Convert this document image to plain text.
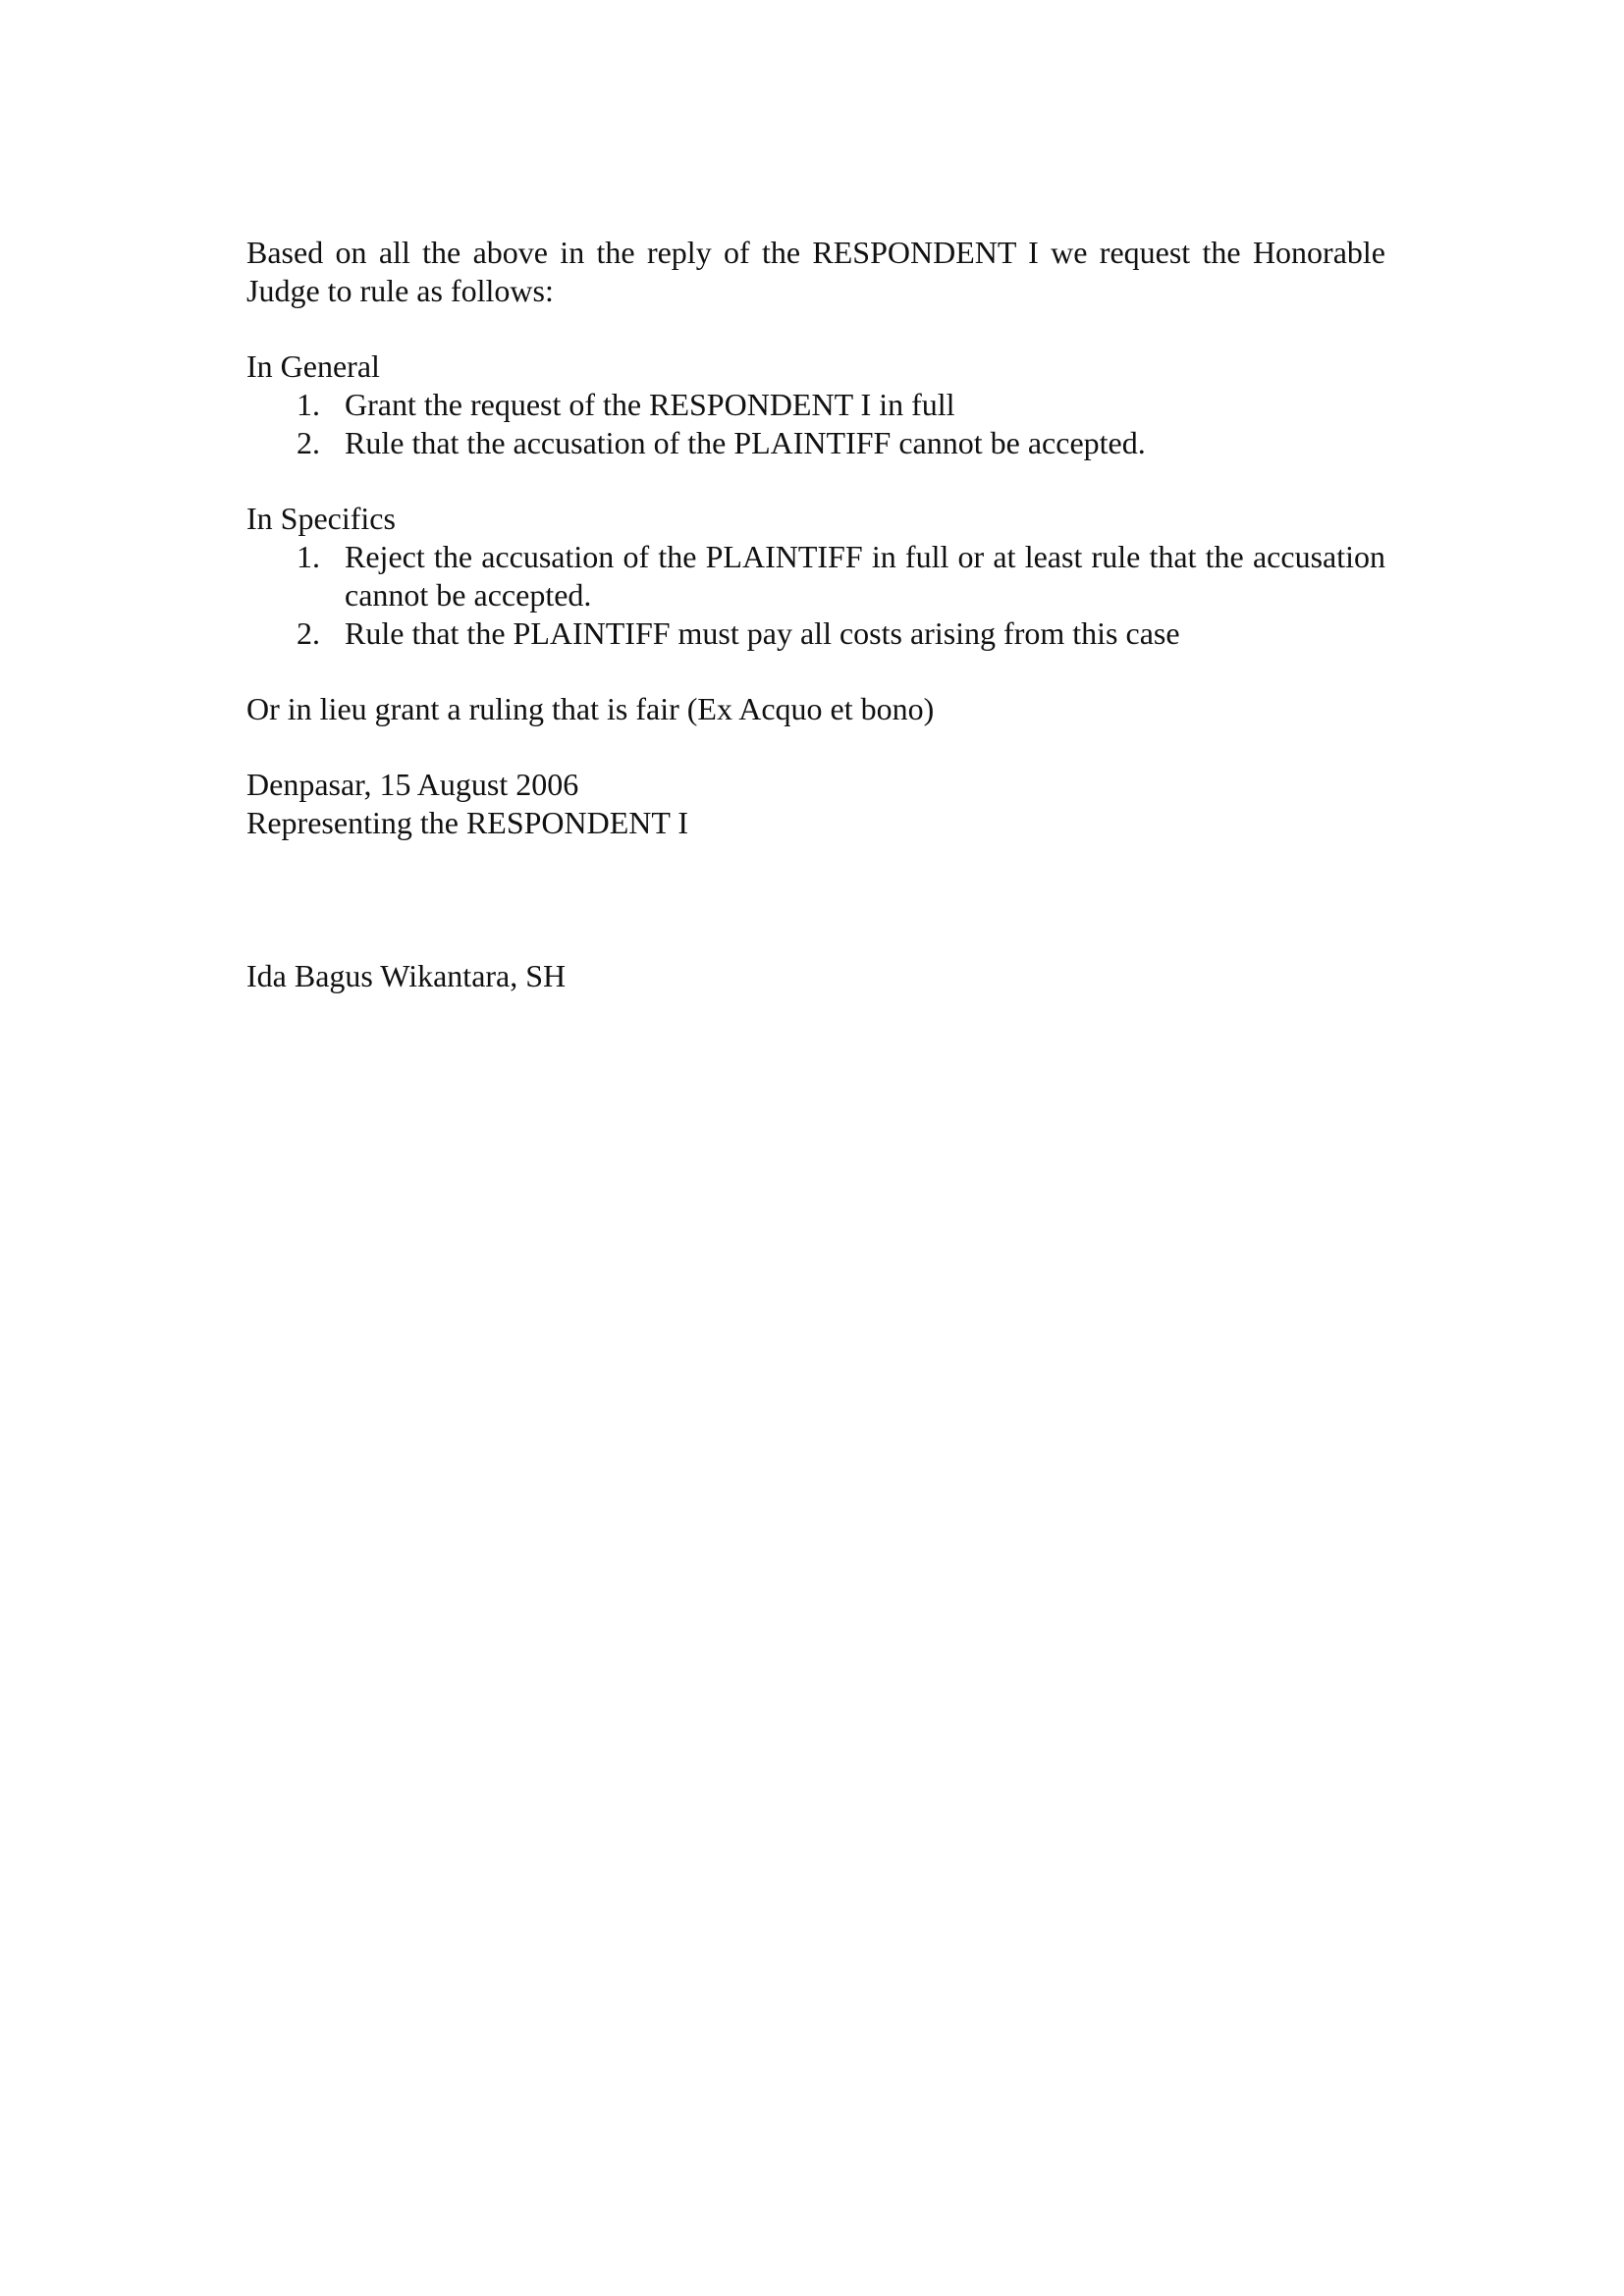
Based on all the above in the reply of the RESPONDENT I we request the Honorable Judge to rule as follows:

In General

1. Grant the request of the RESPONDENT I in full
2. Rule that the accusation of the PLAINTIFF cannot be accepted.

In Specifics

1. Reject the accusation of the PLAINTIFF in full or at least rule that the accusation cannot be accepted.
2. Rule that the PLAINTIFF must pay all costs arising from this case

Or in lieu grant a ruling that is fair (Ex Acquo et bono)

Denpasar, 15 August 2006

Representing the RESPONDENT I

Ida Bagus Wikantara, SH
